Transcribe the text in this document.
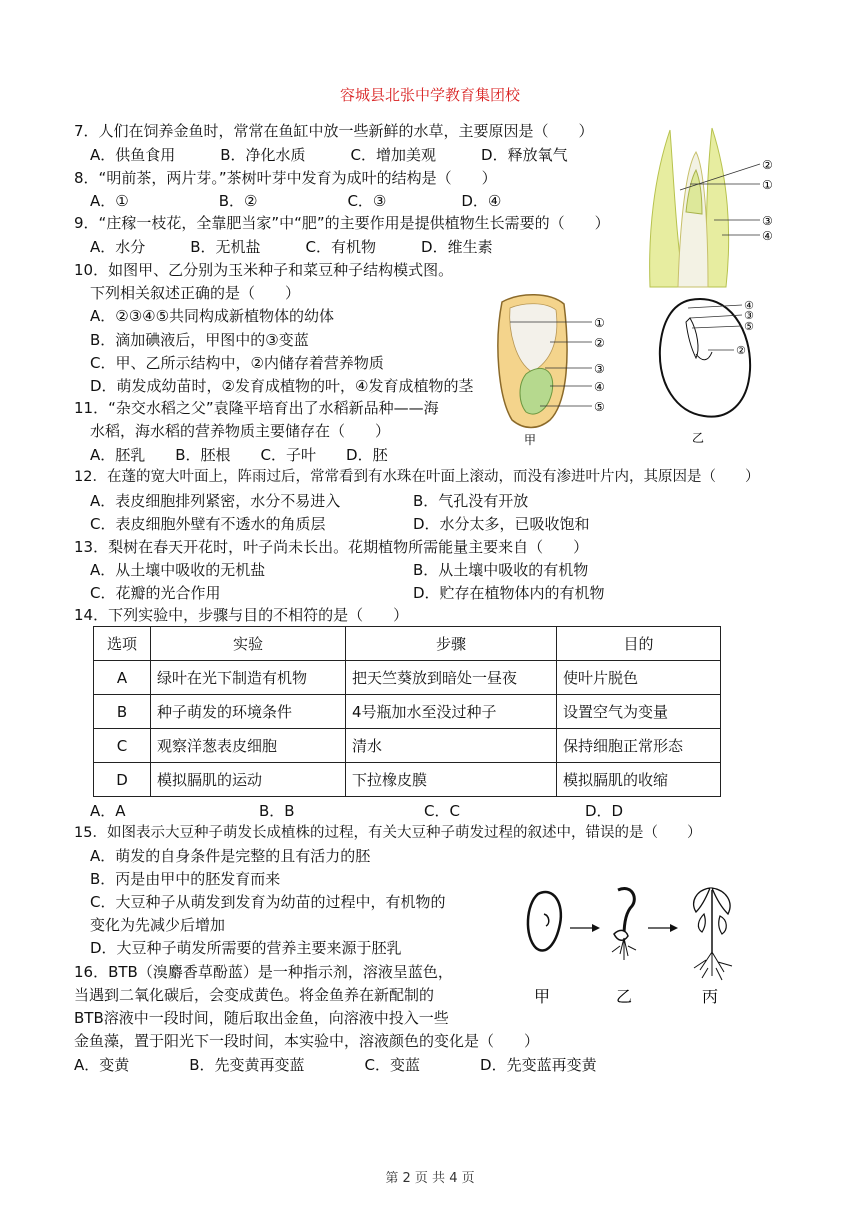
容城县北张中学教育集团校
7．人们在饲养金鱼时，常常在鱼缸中放一些新鲜的水草，主要原因是（　　）
A．供鱼食用　　　B．净化水质　　　C．增加美观　　　D．释放氧气
8．“明前茶，两片芽。”茶树叶芽中发育为成叶的结构是（　　）
A．①　　　　　　B．②　　　　　　C．③　　　　　D．④
9．“庄稼一枝花，全靠肥当家”中“肥”的主要作用是提供植物生长需要的（　　）
A．水分　　　B．无机盐　　　C．有机物　　　D．维生素
10．如图甲、乙分别为玉米种子和菜豆种子结构模式图。
下列相关叙述正确的是（　　）
A．②③④⑤共同构成新植物体的幼体
B．滴加碘液后，甲图中的③变蓝
C．甲、乙所示结构中，②内储存着营养物质
D．萌发成幼苗时，②发育成植物的叶，④发育成植物的茎
11．“杂交水稻之父”袁隆平培育出了水稻新品种——海
水稻，海水稻的营养物质主要储存在（　　）
A．胚乳　　B．胚根　　C．子叶　　D．胚
12．在蓬的宽大叶面上，阵雨过后，常常看到有水珠在叶面上滚动，而没有渗进叶片内，其原因是（　　）
A．表皮细胞排列紧密，水分不易进入	B．气孔没有开放
C．表皮细胞外壁有不透水的角质层	D．水分太多，已吸收饱和
13．梨树在春天开花时，叶子尚未长出。花期植物所需能量主要来自（　　）
A．从土壤中吸收的无机盐	B．从土壤中吸收的有机物
C．花瓣的光合作用	D．贮存在植物体内的有机物
14．下列实验中，步骤与目的不相符的是（　　）
选项	实验	步骤	目的
A	绿叶在光下制造有机物	把天竺葵放到暗处一昼夜	使叶片脱色
B	种子萌发的环境条件	4号瓶加水至没过种子	设置空气为变量
C	观察洋葱表皮细胞	清水	保持细胞正常形态
D	模拟膈肌的运动	下拉橡皮膜	模拟膈肌的收缩
A．A	B．B	C．C	D．D
15．如图表示大豆种子萌发长成植株的过程，有关大豆种子萌发过程的叙述中，错误的是（　　）
A．萌发的自身条件是完整的且有活力的胚
B．丙是由甲中的胚发育而来
C．大豆种子从萌发到发育为幼苗的过程中，有机物的
变化为先减少后增加
D．大豆种子萌发所需要的营养主要来源于胚乳
16．BTB（溴麝香草酚蓝）是一种指示剂，溶液呈蓝色，
当遇到二氧化碳后，会变成黄色。将金鱼养在新配制的
BTB溶液中一段时间，随后取出金鱼，向溶液中投入一些
金鱼藻，置于阳光下一段时间，本实验中，溶液颜色的变化是（　　）
A．变黄　　　　B．先变黄再变蓝　　　　C．变蓝　　　　D．先变蓝再变黄
②
①
③
④
①
②
③
④
⑤
甲
④
③
⑤
②
乙
甲	乙	丙
第 2 页 共 4 页
